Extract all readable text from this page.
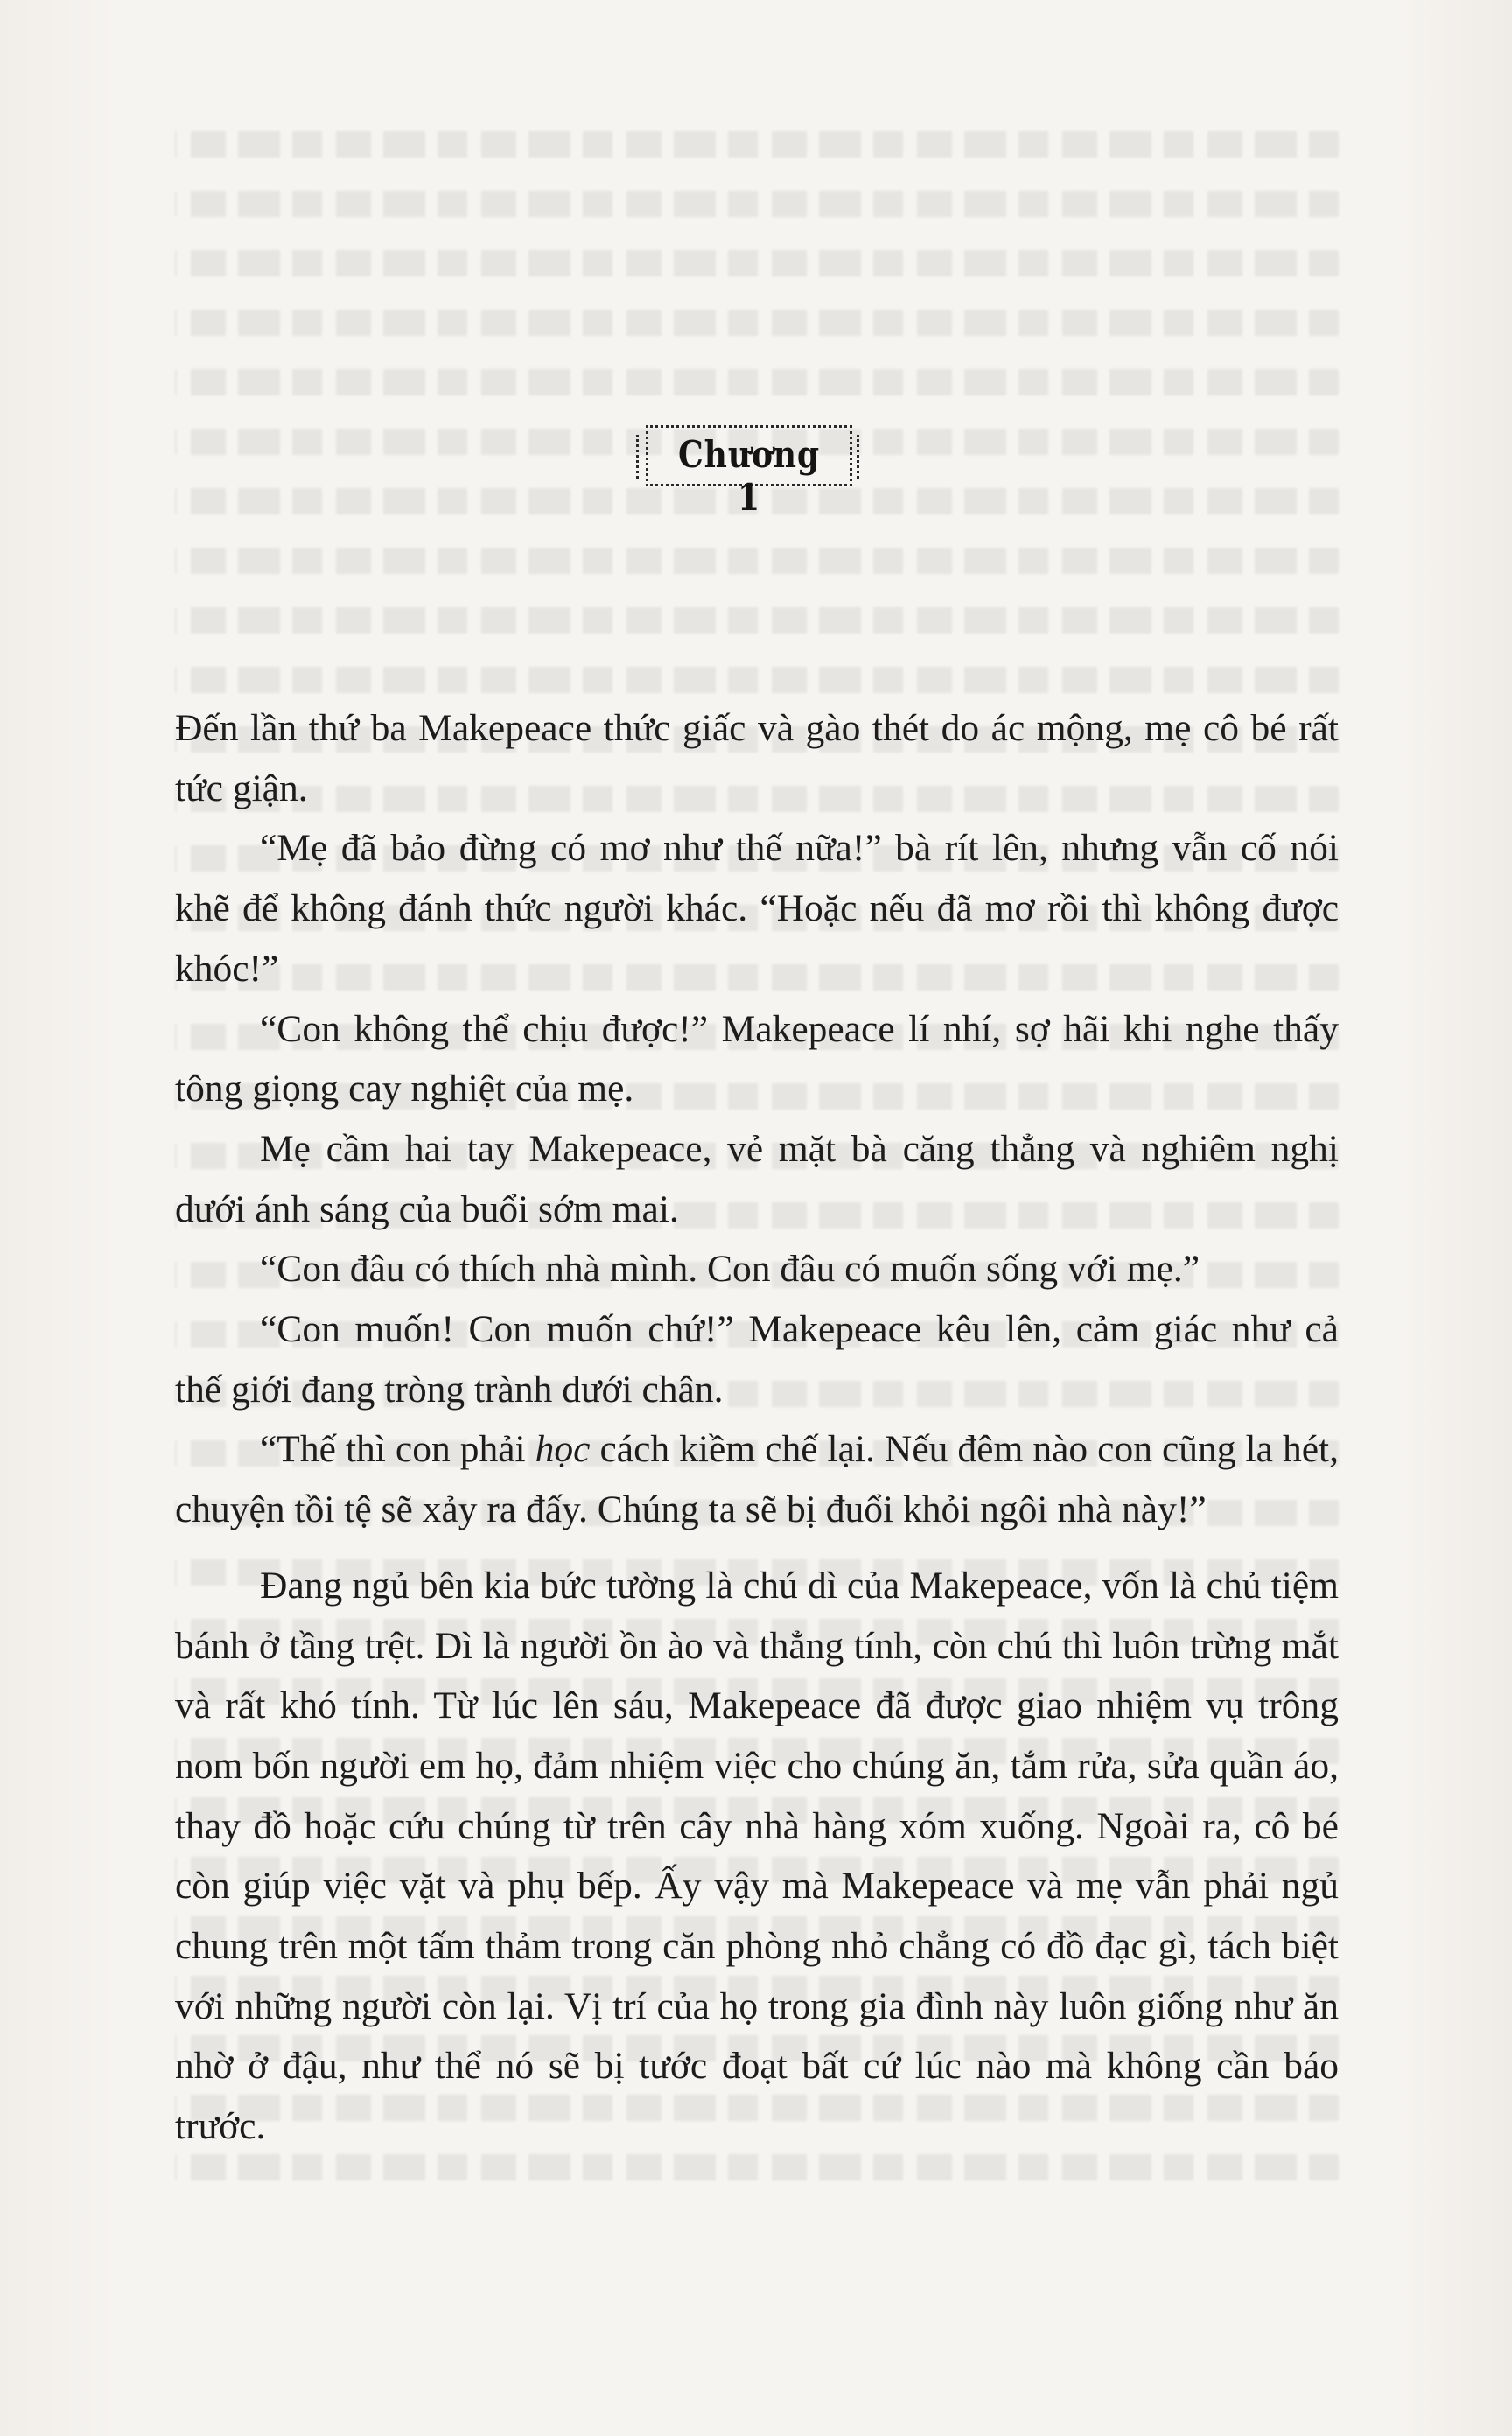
Chương 1

Đến lần thứ ba Makepeace thức giấc và gào thét do ác mộng, mẹ cô bé rất tức giận.

“Mẹ đã bảo đừng có mơ như thế nữa!” bà rít lên, nhưng vẫn cố nói khẽ để không đánh thức người khác. “Hoặc nếu đã mơ rồi thì không được khóc!”

“Con không thể chịu được!” Makepeace lí nhí, sợ hãi khi nghe thấy tông giọng cay nghiệt của mẹ.

Mẹ cầm hai tay Makepeace, vẻ mặt bà căng thẳng và nghiêm nghị dưới ánh sáng của buổi sớm mai.

“Con đâu có thích nhà mình. Con đâu có muốn sống với mẹ.”

“Con muốn! Con muốn chứ!” Makepeace kêu lên, cảm giác như cả thế giới đang tròng trành dưới chân.

“Thế thì con phải học cách kiềm chế lại. Nếu đêm nào con cũng la hét, chuyện tồi tệ sẽ xảy ra đấy. Chúng ta sẽ bị đuổi khỏi ngôi nhà này!”

Đang ngủ bên kia bức tường là chú dì của Makepeace, vốn là chủ tiệm bánh ở tầng trệt. Dì là người ồn ào và thẳng tính, còn chú thì luôn trừng mắt và rất khó tính. Từ lúc lên sáu, Makepeace đã được giao nhiệm vụ trông nom bốn người em họ, đảm nhiệm việc cho chúng ăn, tắm rửa, sửa quần áo, thay đồ hoặc cứu chúng từ trên cây nhà hàng xóm xuống. Ngoài ra, cô bé còn giúp việc vặt và phụ bếp. Ấy vậy mà Makepeace và mẹ vẫn phải ngủ chung trên một tấm thảm trong căn phòng nhỏ chẳng có đồ đạc gì, tách biệt với những người còn lại. Vị trí của họ trong gia đình này luôn giống như ăn nhờ ở đậu, như thể nó sẽ bị tước đoạt bất cứ lúc nào mà không cần báo trước.
